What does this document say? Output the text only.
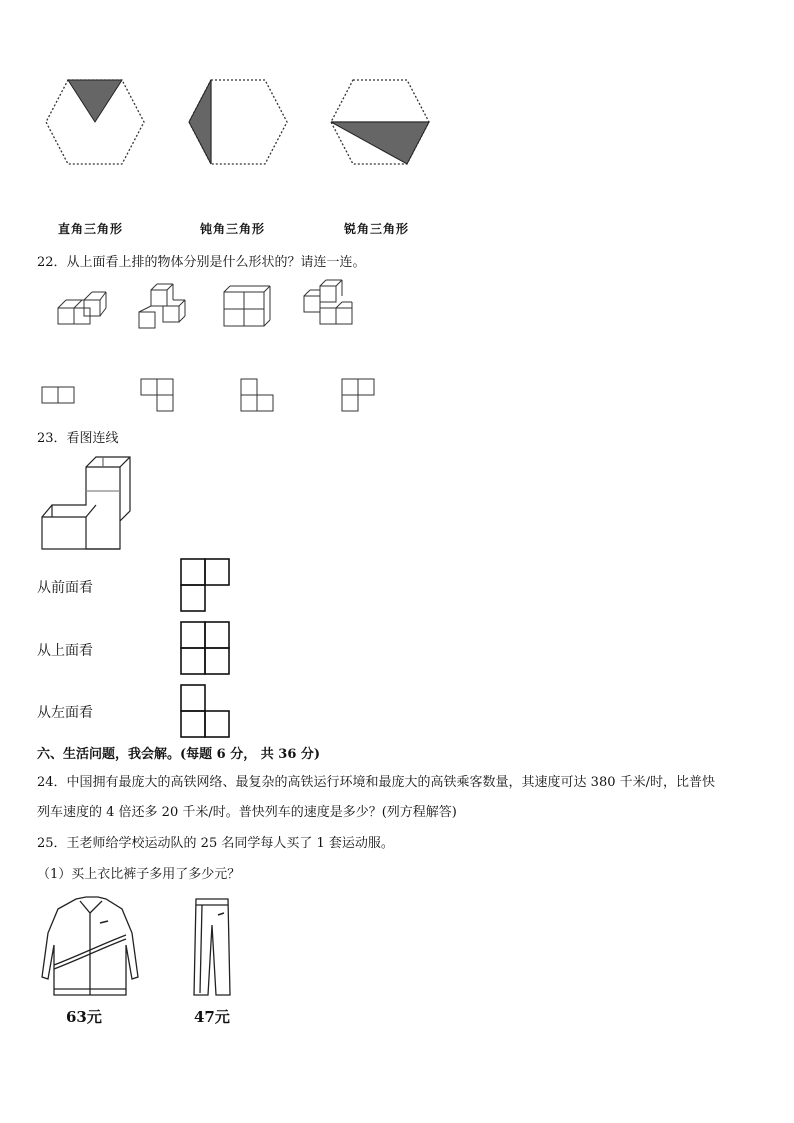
直角三角形	钝角三角形	锐角三角形
22．从上面看上排的物体分别是什么形状的？请连一连。
23．看图连线
从前面看
从上面看
从左面看
六、生活问题，我会解。(每题 6 分， 共 36 分)
24．中国拥有最庞大的高铁网络、最复杂的高铁运行环境和最庞大的高铁乘客数量，其速度可达 380 千米/时，比普快
列车速度的 4 倍还多 20 千米/时。普快列车的速度是多少？(列方程解答)
25．王老师给学校运动队的 25 名同学每人买了 1 套运动服。
（1）买上衣比裤子多用了多少元？
63元	47元
